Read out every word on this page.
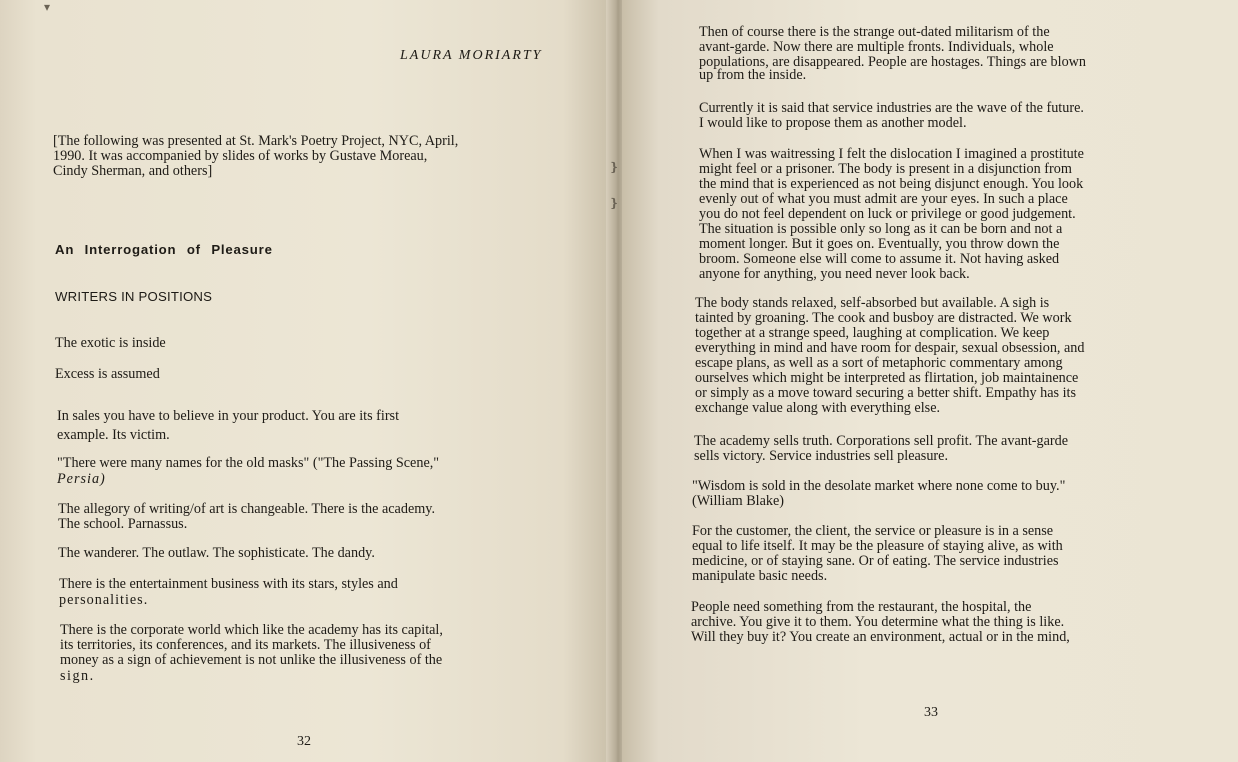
▾

LAURA MORIARTY

[The following was presented at St. Mark's Poetry Project, NYC, April,

1990. It was accompanied by slides of works by Gustave Moreau,

Cindy Sherman, and others]

An Interrogation of Pleasure

WRITERS IN POSITIONS

The exotic is inside

Excess is assumed

In sales you have to believe in your product. You are its first

example. Its victim.

"There were many names for the old masks" ("The Passing Scene,"

Persia)

The allegory of writing/of art is changeable. There is the academy.

The school. Parnassus.

The wanderer. The outlaw. The sophisticate. The dandy.

There is the entertainment business with its stars, styles and

personalities.

There is the corporate world which like the academy has its capital,

its territories, its conferences, and its markets. The illusiveness of

money as a sign of achievement is not unlike the illusiveness of the

sign.

32

❵
❵

Then of course there is the strange out-dated militarism of the

avant-garde. Now there are multiple fronts. Individuals, whole

populations, are disappeared. People are hostages. Things are blown

up from the inside.

Currently it is said that service industries are the wave of the future.

I would like to propose them as another model.

When I was waitressing I felt the dislocation I imagined a prostitute

might feel or a prisoner. The body is present in a disjunction from

the mind that is experienced as not being disjunct enough. You look

evenly out of what you must admit are your eyes. In such a place

you do not feel dependent on luck or privilege or good judgement.

The situation is possible only so long as it can be born and not a

moment longer. But it goes on. Eventually, you throw down the

broom. Someone else will come to assume it. Not having asked

anyone for anything, you need never look back.

The body stands relaxed, self-absorbed but available. A sigh is

tainted by groaning. The cook and busboy are distracted. We work

together at a strange speed, laughing at complication. We keep

everything in mind and have room for despair, sexual obsession, and

escape plans, as well as a sort of metaphoric commentary among

ourselves which might be interpreted as flirtation, job maintainence

or simply as a move toward securing a better shift. Empathy has its

exchange value along with everything else.

The academy sells truth. Corporations sell profit. The avant-garde

sells victory. Service industries sell pleasure.

"Wisdom is sold in the desolate market where none come to buy."

(William Blake)

For the customer, the client, the service or pleasure is in a sense

equal to life itself. It may be the pleasure of staying alive, as with

medicine, or of staying sane. Or of eating. The service industries

manipulate basic needs.

People need something from the restaurant, the hospital, the

archive. You give it to them. You determine what the thing is like.

Will they buy it? You create an environment, actual or in the mind,

33
